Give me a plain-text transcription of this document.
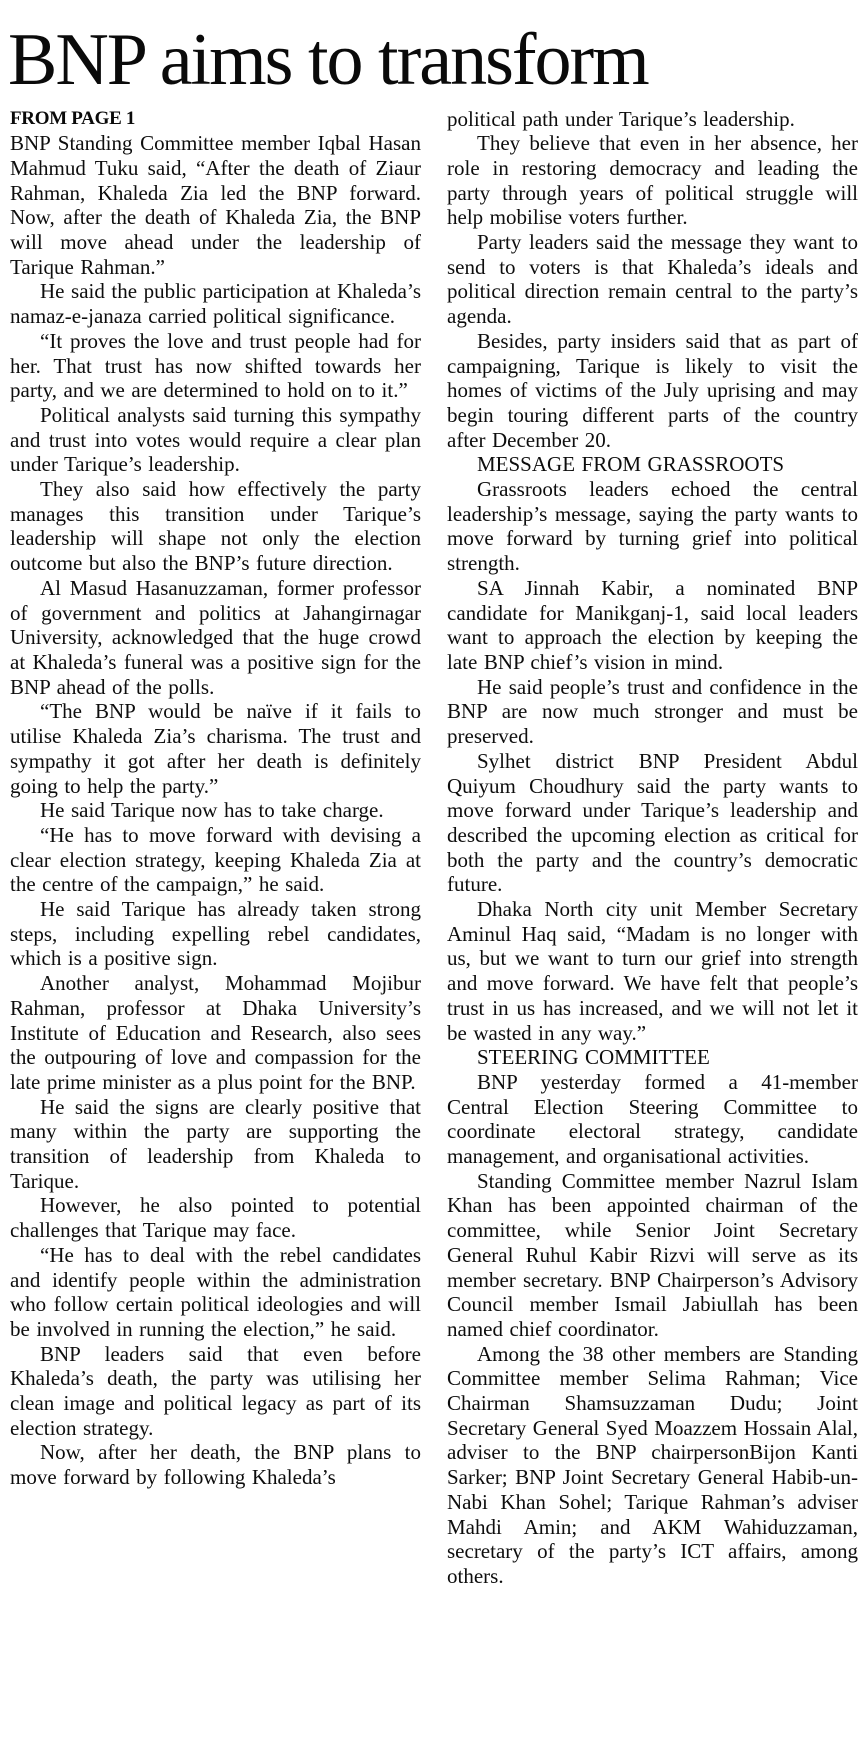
BNP aims to transform

FROM PAGE 1

BNP Standing Committee member Iqbal Hasan Mahmud Tuku said, “After the death of Ziaur Rahman, Khaleda Zia led the BNP forward. Now, after the death of Khaleda Zia, the BNP will move ahead under the leadership of Tarique Rahman.”

He said the public participation at Khaleda’s namaz-e-janaza carried political significance.

“It proves the love and trust people had for her. That trust has now shifted towards her party, and we are determined to hold on to it.”

Political analysts said turning this sympathy and trust into votes would require a clear plan under Tarique’s leadership.

They also said how effectively the party manages this transition under Tarique’s leadership will shape not only the election outcome but also the BNP’s future direction.

Al Masud Hasanuzzaman, former professor of government and politics at Jahangirnagar University, acknowledged that the huge crowd at Khaleda’s funeral was a positive sign for the BNP ahead of the polls.

“The BNP would be naïve if it fails to utilise Khaleda Zia’s charisma. The trust and sympathy it got after her death is definitely going to help the party.”

He said Tarique now has to take charge.

“He has to move forward with devising a clear election strategy, keeping Khaleda Zia at the centre of the campaign,” he said.

He said Tarique has already taken strong steps, including expelling rebel candidates, which is a positive sign.

Another analyst, Mohammad Mojibur Rahman, professor at Dhaka University’s Institute of Education and Research, also sees the outpouring of love and compassion for the late prime minister as a plus point for the BNP.

He said the signs are clearly positive that many within the party are supporting the transition of leadership from Khaleda to Tarique.

However, he also pointed to potential challenges that Tarique may face.

“He has to deal with the rebel candidates and identify people within the administration who follow certain political ideologies and will be involved in running the election,” he said.

BNP leaders said that even before Khaleda’s death, the party was utilising her clean image and political legacy as part of its election strategy.

Now, after her death, the BNP plans to move forward by following Khaleda’s

political path under Tarique’s leadership.

They believe that even in her absence, her role in restoring democracy and leading the party through years of political struggle will help mobilise voters further.

Party leaders said the message they want to send to voters is that Khaleda’s ideals and political direction remain central to the party’s agenda.

Besides, party insiders said that as part of campaigning, Tarique is likely to visit the homes of victims of the July uprising and may begin touring different parts of the country after December 20.

MESSAGE FROM GRASSROOTS

Grassroots leaders echoed the central leadership’s message, saying the party wants to move forward by turning grief into political strength.

SA Jinnah Kabir, a nominated BNP candidate for Manikganj-1, said local leaders want to approach the election by keeping the late BNP chief’s vision in mind.

He said people’s trust and confidence in the BNP are now much stronger and must be preserved.

Sylhet district BNP President Abdul Quiyum Choudhury said the party wants to move forward under Tarique’s leadership and described the upcoming election as critical for both the party and the country’s democratic future.

Dhaka North city unit Member Secretary Aminul Haq said, “Madam is no longer with us, but we want to turn our grief into strength and move forward. We have felt that people’s trust in us has increased, and we will not let it be wasted in any way.”

STEERING COMMITTEE

BNP yesterday formed a 41-member Central Election Steering Committee to coordinate electoral strategy, candidate management, and organisational activities.

Standing Committee member Nazrul Islam Khan has been appointed chairman of the committee, while Senior Joint Secretary General Ruhul Kabir Rizvi will serve as its member secretary. BNP Chairperson’s Advisory Council member Ismail Jabiullah has been named chief coordinator.

Among the 38 other members are Standing Committee member Selima Rahman; Vice Chairman Shamsuzzaman Dudu; Joint Secretary General Syed Moazzem Hossain Alal, adviser to the BNP chairpersonBijon Kanti Sarker; BNP Joint Secretary General Habib-un-Nabi Khan Sohel; Tarique Rahman’s adviser Mahdi Amin; and AKM Wahiduzzaman, secretary of the party’s ICT affairs, among others.
